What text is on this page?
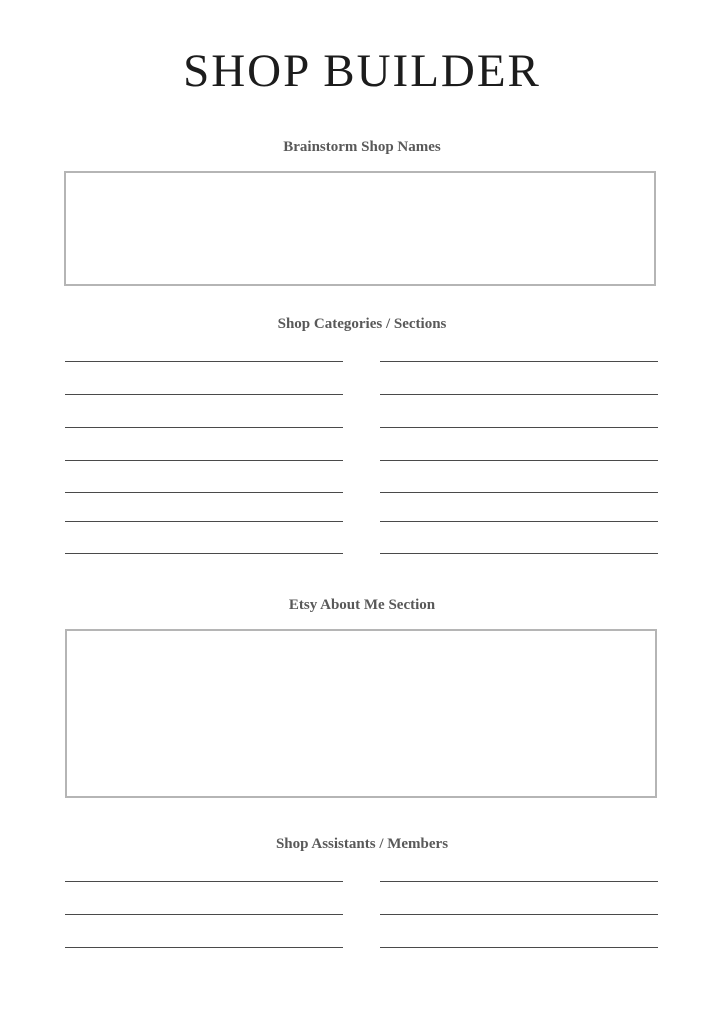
SHOP BUILDER
Brainstorm Shop Names
Shop Categories / Sections
Etsy About Me Section
Shop Assistants / Members
